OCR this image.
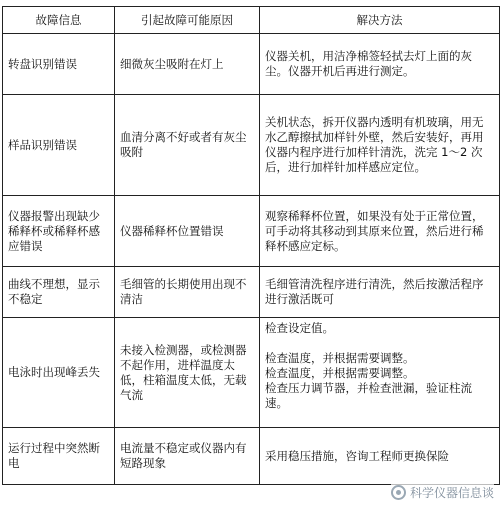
故障信息	引起故障可能原因	解决方法
转盘识别错误	细微灰尘吸附在灯上	仪器关机，用洁净棉签轻拭去灯上面的灰尘。仪器开机后再进行测定。
样品识别错误	血清分离不好或者有灰尘吸附	关机状态，拆开仪器内透明有机玻璃，用无水乙醇擦拭加样针外壁，然后安装好，再用仪器内程序进行加样针清洗，洗完 1～2 次后，进行加样针加样感应定位。
仪器报警出现缺少稀释杯或稀释杯感应错误	仪器稀释杯位置错误	观察稀释杯位置，如果没有处于正常位置，可手动将其移动到其原来位置，然后进行稀释杯感应定标。
曲线不理想，显示不稳定	毛细管的长期使用出现不清洁	毛细管清洗程序进行清洗，然后按激活程序进行激活既可
电泳时出现峰丢失	未接入检测器，或检测器不起作用，进样温度太低，柱箱温度太低，无载气流	检查设定值。

检查温度，并根据需要调整。
检查温度，并根据需要调整。
检查压力调节器，并检查泄漏，验证柱流速。
运行过程中突然断电	电流量不稳定或仪器内有短路现象	采用稳压措施，咨询工程师更换保险
科学仪器信息谈
